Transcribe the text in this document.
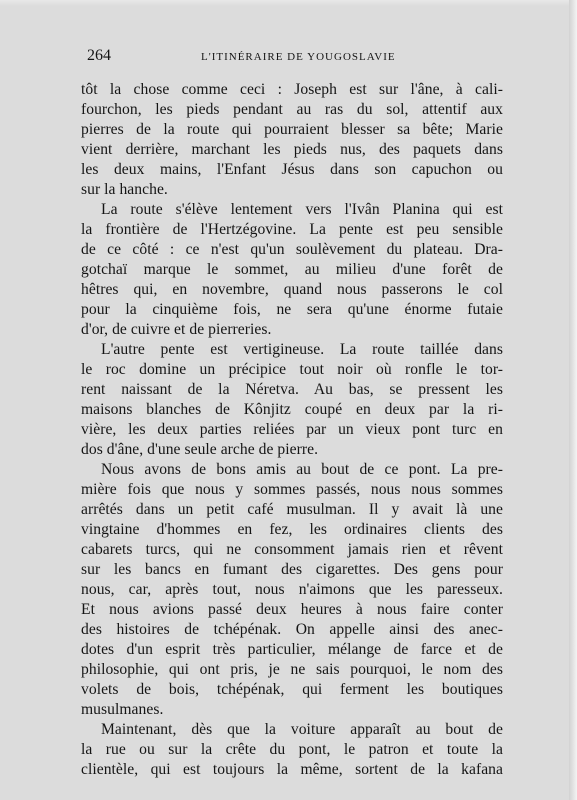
264	L'ITINÉRAIRE DE YOUGOSLAVIE
tôt la chose comme ceci : Joseph est sur l'âne, à cali-
fourchon, les pieds pendant au ras du sol, attentif aux
pierres de la route qui pourraient blesser sa bête; Marie
vient derrière, marchant les pieds nus, des paquets dans
les deux mains, l'Enfant Jésus dans son capuchon ou
sur la hanche.
La route s'élève lentement vers l'Ivân Planina qui est
la frontière de l'Hertzégovine. La pente est peu sensible
de ce côté : ce n'est qu'un soulèvement du plateau. Dra-
gotchaï marque le sommet, au milieu d'une forêt de
hêtres qui, en novembre, quand nous passerons le col
pour la cinquième fois, ne sera qu'une énorme futaie
d'or, de cuivre et de pierreries.
L'autre pente est vertigineuse. La route taillée dans
le roc domine un précipice tout noir où ronfle le tor-
rent naissant de la Néretva. Au bas, se pressent les
maisons blanches de Kônjitz coupé en deux par la ri-
vière, les deux parties reliées par un vieux pont turc en
dos d'âne, d'une seule arche de pierre.
Nous avons de bons amis au bout de ce pont. La pre-
mière fois que nous y sommes passés, nous nous sommes
arrêtés dans un petit café musulman. Il y avait là une
vingtaine d'hommes en fez, les ordinaires clients des
cabarets turcs, qui ne consomment jamais rien et rêvent
sur les bancs en fumant des cigarettes. Des gens pour
nous, car, après tout, nous n'aimons que les paresseux.
Et nous avions passé deux heures à nous faire conter
des histoires de tchépénak. On appelle ainsi des anec-
dotes d'un esprit très particulier, mélange de farce et de
philosophie, qui ont pris, je ne sais pourquoi, le nom des
volets de bois, tchépénak, qui ferment les boutiques
musulmanes.
Maintenant, dès que la voiture apparaît au bout de
la rue ou sur la crête du pont, le patron et toute la
clientèle, qui est toujours la même, sortent de la kafana
